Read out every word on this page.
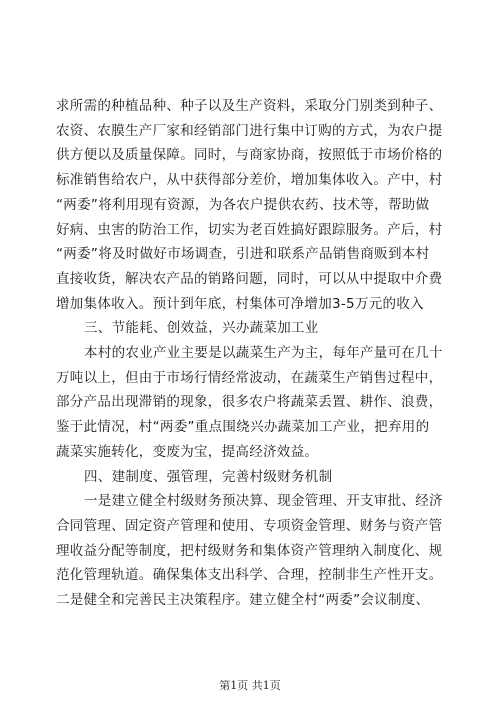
求所需的种植品种、种子以及生产资料，采取分门别类到种子、
农资、农膜生产厂家和经销部门进行集中订购的方式，为农户提
供方便以及质量保障。同时，与商家协商，按照低于市场价格的
标准销售给农户，从中获得部分差价，增加集体收入。产中，村
“两委”将利用现有资源，为各农户提供农药、技术等，帮助做
好病、虫害的防治工作，切实为老百姓搞好跟踪服务。产后，村
“两委”将及时做好市场调查，引进和联系产品销售商贩到本村
直接收货，解决农产品的销路问题，同时，可以从中提取中介费
增加集体收入。预计到年底，村集体可净增加3-5万元的收入
三、节能耗、创效益，兴办蔬菜加工业
本村的农业产业主要是以蔬菜生产为主，每年产量可在几十
万吨以上，但由于市场行情经常波动，在蔬菜生产销售过程中，
部分产品出现滞销的现象，很多农户将蔬菜丢置、耕作、浪费，
鉴于此情况，村“两委”重点围绕兴办蔬菜加工产业，把弃用的
蔬菜实施转化，变废为宝，提高经济效益。
四、建制度、强管理，完善村级财务机制
一是建立健全村级财务预决算、现金管理、开支审批、经济
合同管理、固定资产管理和使用、专项资金管理、财务与资产管
理收益分配等制度，把村级财务和集体资产管理纳入制度化、规
范化管理轨道。确保集体支出科学、合理，控制非生产性开支。
二是健全和完善民主决策程序。建立健全村“两委”会议制度、
第1页 共1页
